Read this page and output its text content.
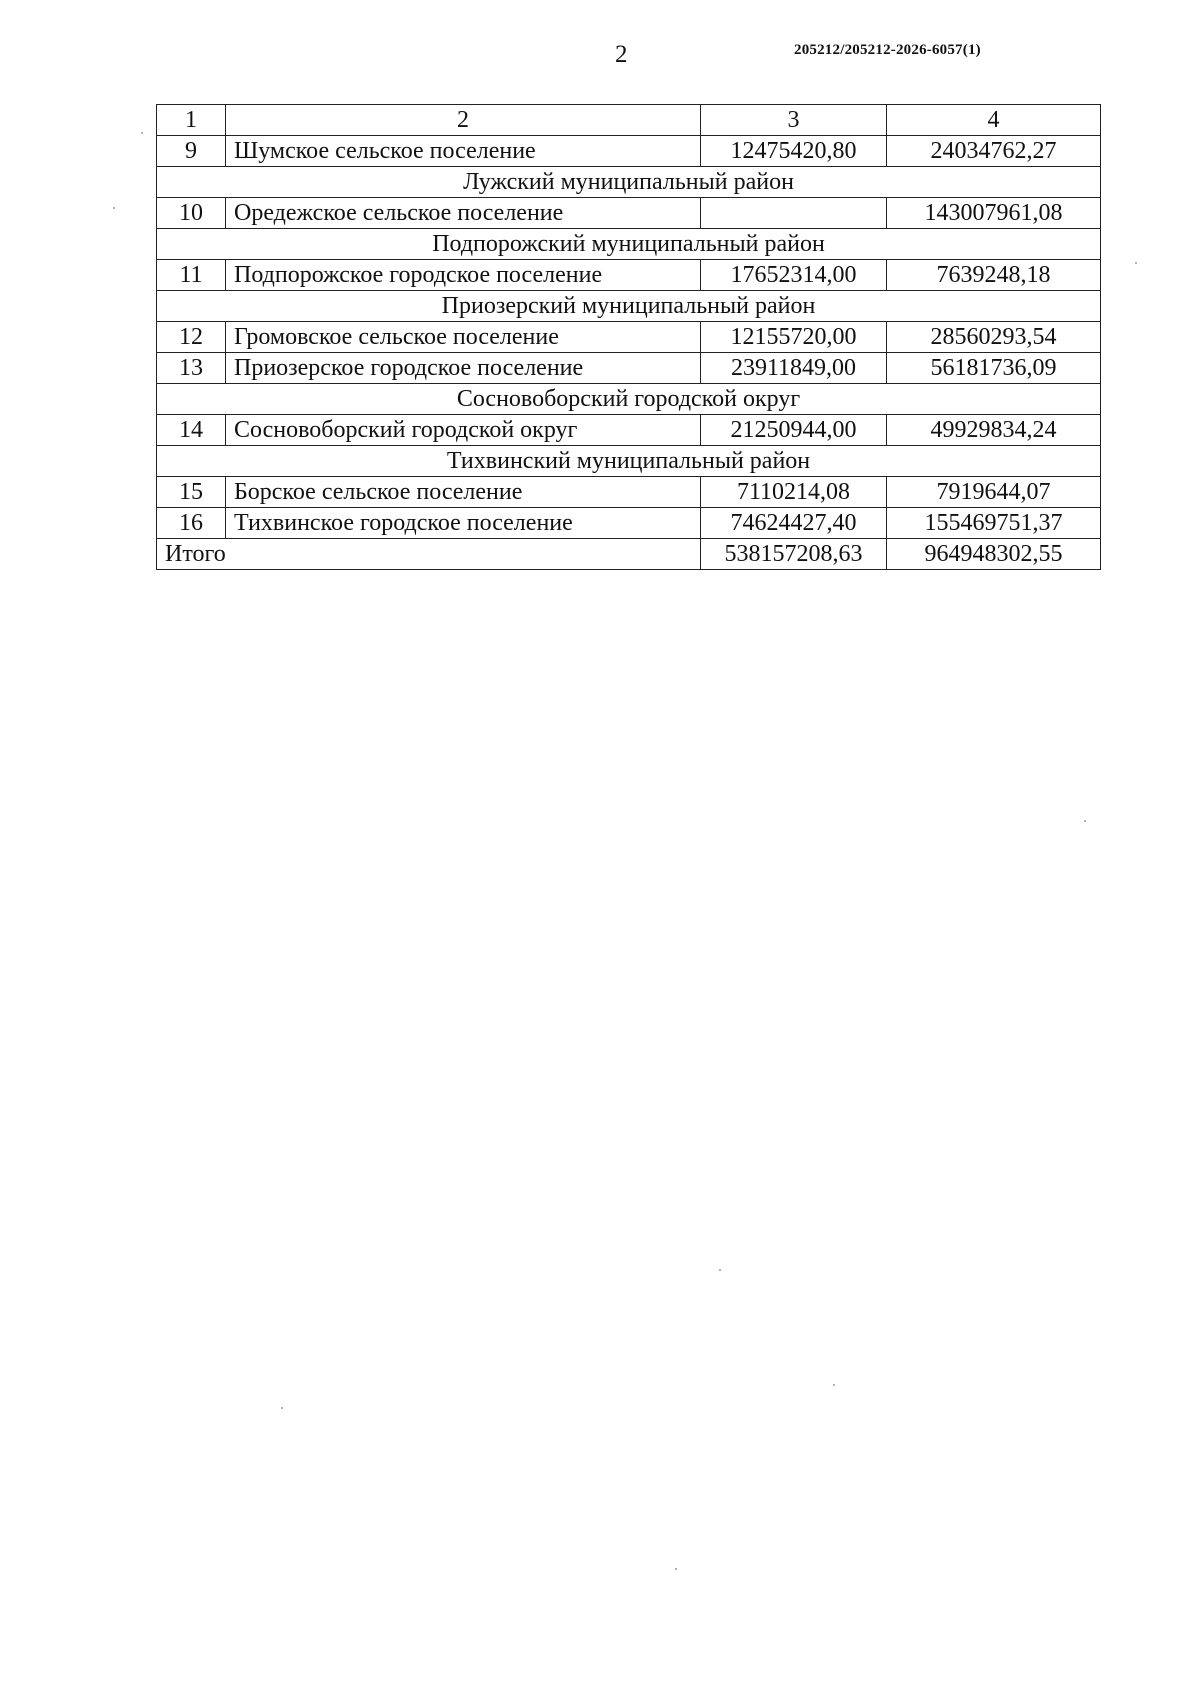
2	205212/205212-2026-6057(1)
1	2	3	4
9	Шумское сельское поселение	12475420,80	24034762,27
Лужский муниципальный район			
10	Оредежское сельское поселение		143007961,08
Подпорожский муниципальный район			
11	Подпорожское городское поселение	17652314,00	7639248,18
Приозерский муниципальный район			
12	Громовское сельское поселение	12155720,00	28560293,54
13	Приозерское городское поселение	23911849,00	56181736,09
Сосновоборский городской округ			
14	Сосновоборский городской округ	21250944,00	49929834,24
Тихвинский муниципальный район			
15	Борское сельское поселение	7110214,08	7919644,07
16	Тихвинское городское поселение	74624427,40	155469751,37
Итого		538157208,63	964948302,55
